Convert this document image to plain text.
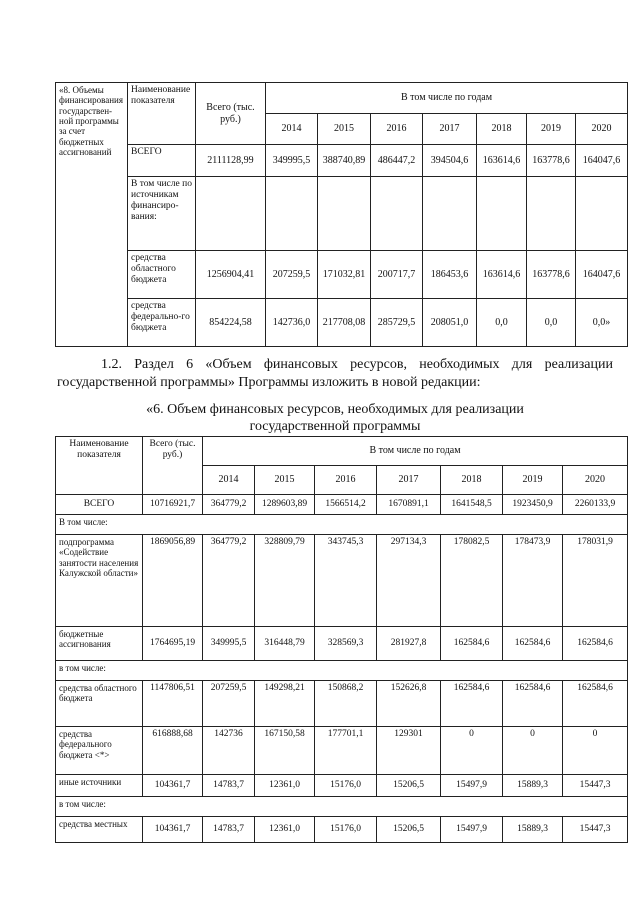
«8. Объемы финансирования государствен-ной программы за счет бюджетных ассигнований	Наименование показателя	Всего (тыс. руб.)	В том числе по годам						
			2014	2015	2016	2017	2018	2019	2020
	ВСЕГО	2111128,99	349995,5	388740,89	486447,2	394504,6	163614,6	163778,6	164047,6
	В том числе по источникам финансиро-вания:								
	средства областного бюджета	1256904,41	207259,5	171032,81	200717,7	186453,6	163614,6	163778,6	164047,6
	средства федерально-го бюджета	854224,58	142736,0	217708,08	285729,5	208051,0	0,0	0,0	0,0»
1.2. Раздел 6 «Объем финансовых ресурсов, необходимых для реализации государственной программы» Программы изложить в новой редакции:
«6. Объем финансовых ресурсов, необходимых для реализации
государственной программы
Наименование показателя	Всего (тыс. руб.)	В том числе по годам						
		2014	2015	2016	2017	2018	2019	2020
ВСЕГО	10716921,7	364779,2	1289603,89	1566514,2	1670891,1	1641548,5	1923450,9	2260133,9
В том числе:								
подпрограмма «Содействие занятости населения Калужской области»	1869056,89	364779,2	328809,79	343745,3	297134,3	178082,5	178473,9	178031,9
бюджетные ассигнования	1764695,19	349995,5	316448,79	328569,3	281927,8	162584,6	162584,6	162584,6
в том числе:								
средства областного бюджета	1147806,51	207259,5	149298,21	150868,2	152626,8	162584,6	162584,6	162584,6
средства федерального бюджета <*>	616888,68	142736	167150,58	177701,1	129301	0	0	0
иные источники	104361,7	14783,7	12361,0	15176,0	15206,5	15497,9	15889,3	15447,3
в том числе:								
средства местных	104361,7	14783,7	12361,0	15176,0	15206,5	15497,9	15889,3	15447,3
